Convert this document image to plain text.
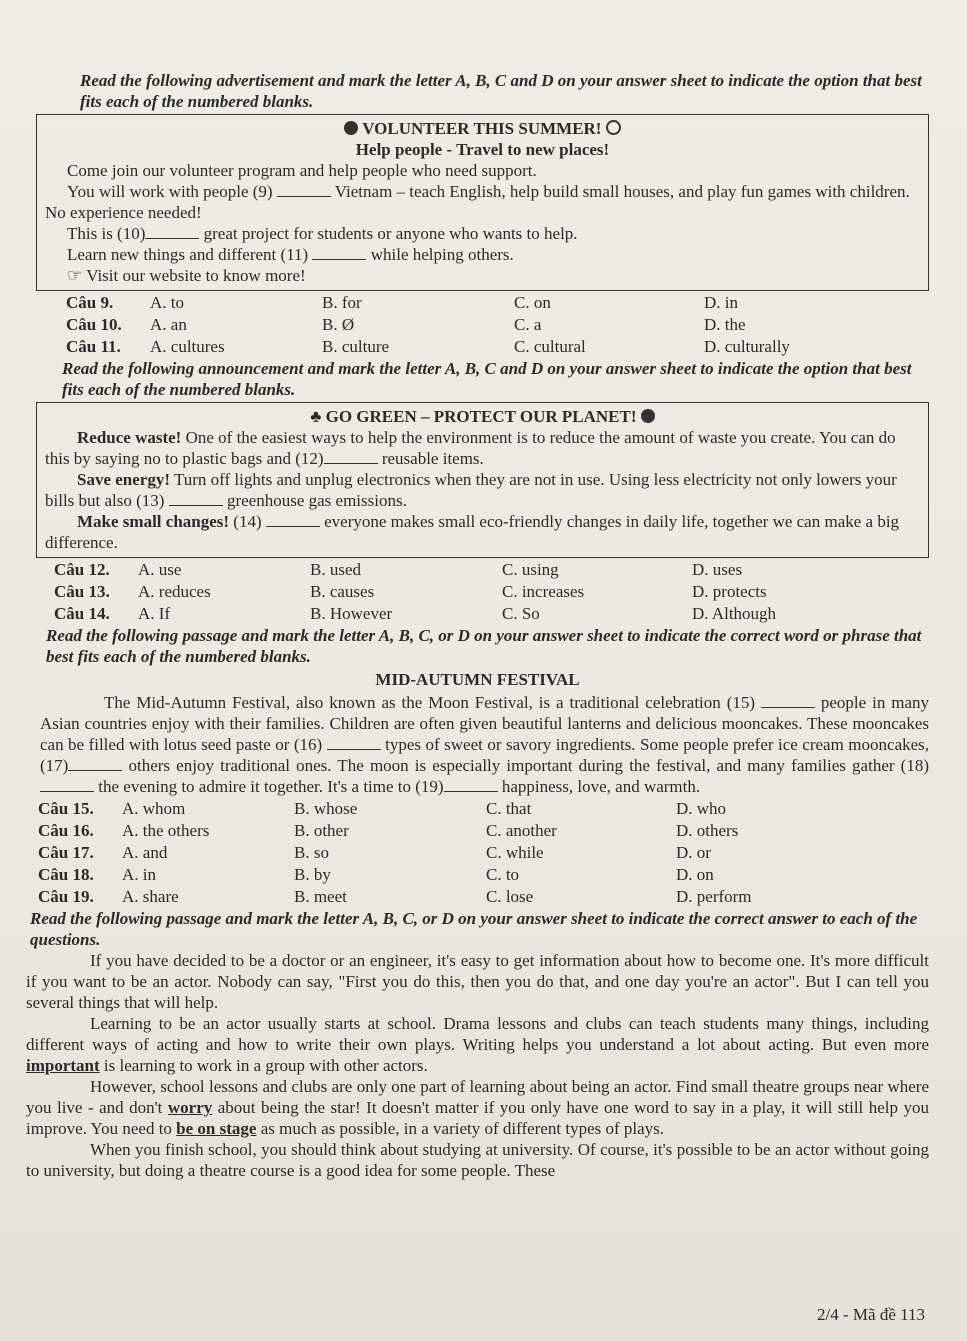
Read the following advertisement and mark the letter A, B, C and D on your answer sheet to indicate the option that best fits each of the numbered blanks.

VOLUNTEER THIS SUMMER!
Help people - Travel to new places!

Come join our volunteer program and help people who need support.

You will work with people (9)	Vietnam – teach English, help build small houses, and play fun games with children. No experience needed!

This is (10)	great project for students or anyone who wants to help.

Learn new things and different (11)	while helping others.

☞ Visit our website to know more!

Câu 9.	A. to	B. for	C. on	D. in
Câu 10.	A. an	B. Ø	C. a	D. the
Câu 11.	A. cultures	B. culture	C. cultural	D. culturally

Read the following announcement and mark the letter A, B, C and D on your answer sheet to indicate the option that best fits each of the numbered blanks.

♣ GO GREEN – PROTECT OUR PLANET!

Reduce waste! One of the easiest ways to help the environment is to reduce the amount of waste you create. You can do this by saying no to plastic bags and (12)	reusable items.

Save energy! Turn off lights and unplug electronics when they are not in use. Using less electricity not only lowers your bills but also (13)	greenhouse gas emissions.

Make small changes! (14)	everyone makes small eco-friendly changes in daily life, together we can make a big difference.

Câu 12.	A. use	B. used	C. using	D. uses
Câu 13.	A. reduces	B. causes	C. increases	D. protects
Câu 14.	A. If	B. However	C. So	D. Although

Read the following passage and mark the letter A, B, C, or D on your answer sheet to indicate the correct word or phrase that best fits each of the numbered blanks.

MID-AUTUMN FESTIVAL

The Mid-Autumn Festival, also known as the Moon Festival, is a traditional celebration (15)	people in many Asian countries enjoy with their families. Children are often given beautiful lanterns and delicious mooncakes. These mooncakes can be filled with lotus seed paste or (16)	types of sweet or savory ingredients. Some people prefer ice cream mooncakes, (17)	others enjoy traditional ones. The moon is especially important during the festival, and many families gather (18)  the evening to admire it together. It's a time to (19)	happiness, love, and warmth.

Câu 15.	A. whom	B. whose	C. that	D. who
Câu 16.	A. the others	B. other	C. another	D. others
Câu 17.	A. and	B. so	C. while	D. or
Câu 18.	A. in	B. by	C. to	D. on
Câu 19.	A. share	B. meet	C. lose	D. perform

Read the following passage and mark the letter A, B, C, or D on your answer sheet to indicate the correct answer to each of the questions.

If you have decided to be a doctor or an engineer, it's easy to get information about how to become one. It's more difficult if you want to be an actor. Nobody can say, "First you do this, then you do that, and one day you're an actor". But I can tell you several things that will help.

Learning to be an actor usually starts at school. Drama lessons and clubs can teach students many things, including different ways of acting and how to write their own plays. Writing helps you understand a lot about acting. But even more important is learning to work in a group with other actors.

However, school lessons and clubs are only one part of learning about being an actor. Find small theatre groups near where you live - and don't worry about being the star! It doesn't matter if you only have one word to say in a play, it will still help you improve. You need to be on stage as much as possible, in a variety of different types of plays.

When you finish school, you should think about studying at university. Of course, it's possible to be an actor without going to university, but doing a theatre course is a good idea for some people. These

2/4 - Mã đề 113
